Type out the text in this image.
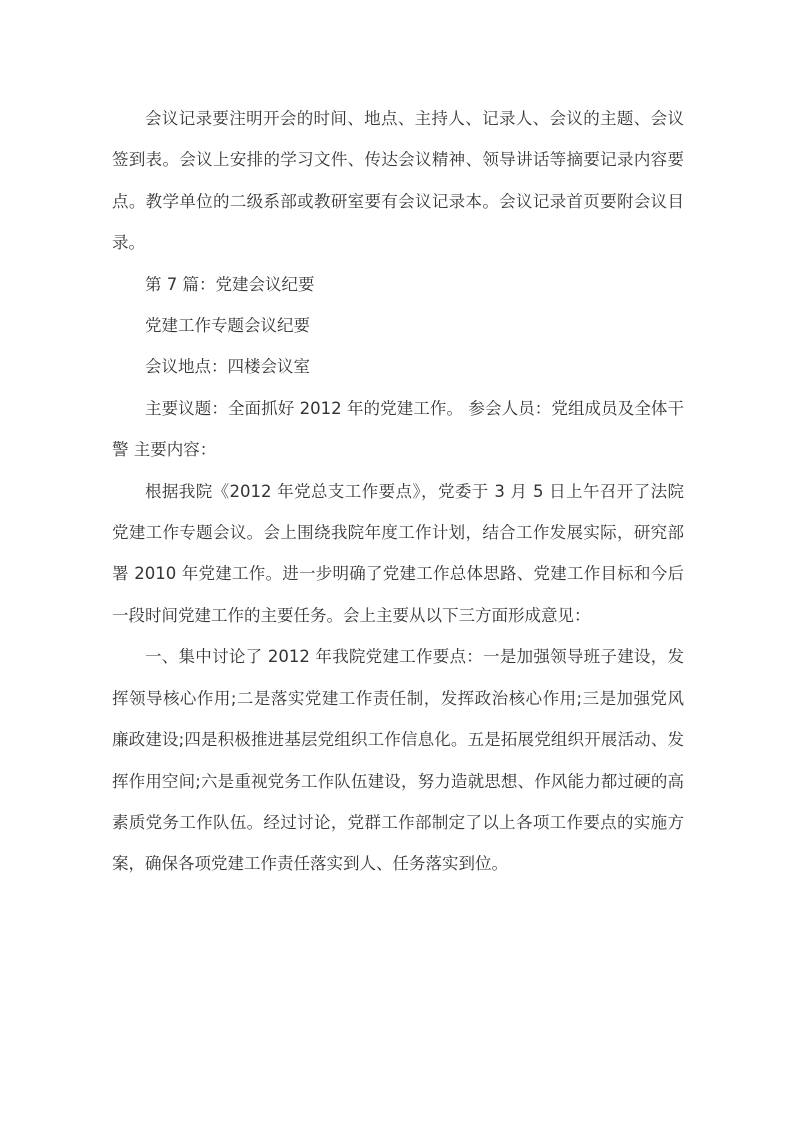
会议记录要注明开会的时间、地点、主持人、记录人、会议的主题、会议签到表。会议上安排的学习文件、传达会议精神、领导讲话等摘要记录内容要点。教学单位的二级系部或教研室要有会议记录本。会议记录首页要附会议目录。

第 7 篇：党建会议纪要

党建工作专题会议纪要

会议地点：四楼会议室

主要议题：全面抓好 2012 年的党建工作。 参会人员：党组成员及全体干警 主要内容：

根据我院《2012 年党总支工作要点》，党委于 3 月 5 日上午召开了法院党建工作专题会议。会上围绕我院年度工作计划，结合工作发展实际，研究部署 2010 年党建工作。进一步明确了党建工作总体思路、党建工作目标和今后一段时间党建工作的主要任务。会上主要从以下三方面形成意见：

一、集中讨论了 2012 年我院党建工作要点：一是加强领导班子建设，发挥领导核心作用;二是落实党建工作责任制，发挥政治核心作用;三是加强党风廉政建设;四是积极推进基层党组织工作信息化。五是拓展党组织开展活动、发挥作用空间;六是重视党务工作队伍建设，努力造就思想、作风能力都过硬的高素质党务工作队伍。经过讨论，党群工作部制定了以上各项工作要点的实施方案，确保各项党建工作责任落实到人、任务落实到位。
